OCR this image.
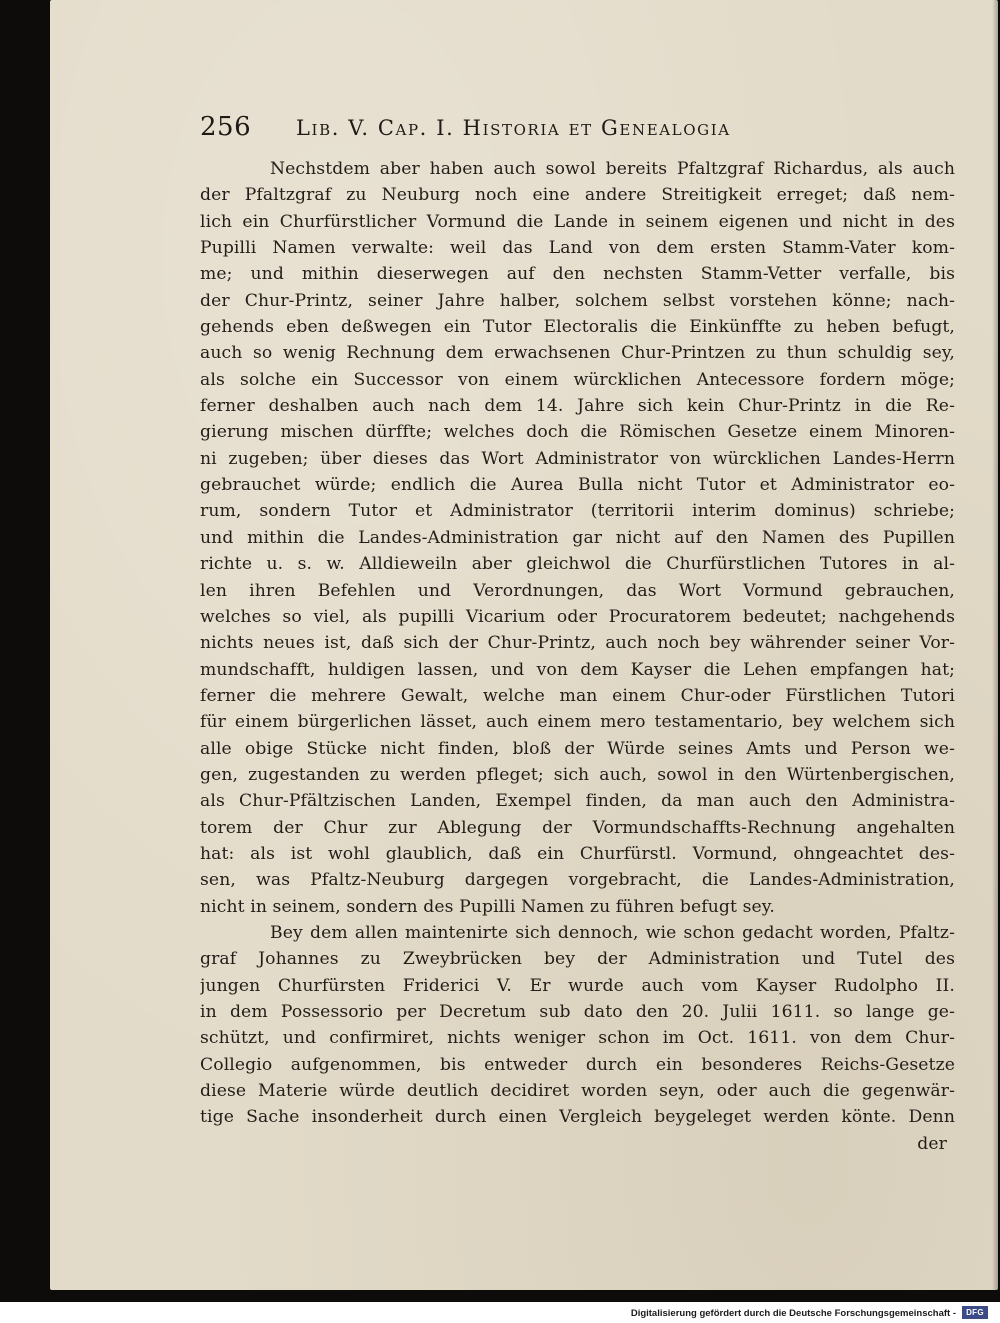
256 Lib. V. Cap. I. Historia et Genealogia
Nechstdem aber haben auch sowol bereits Pfaltzgraf Richardus, als auch
der Pfaltzgraf zu Neuburg noch eine andere Streitigkeit erreget; daß nem-
lich ein Churfürstlicher Vormund die Lande in seinem eigenen und nicht in des
Pupilli Namen verwalte: weil das Land von dem ersten Stamm-Vater kom-
me; und mithin dieserwegen auf den nechsten Stamm-Vetter verfalle, bis
der Chur-Printz, seiner Jahre halber, solchem selbst vorstehen könne; nach-
gehends eben deßwegen ein Tutor Electoralis die Einkünffte zu heben befugt,
auch so wenig Rechnung dem erwachsenen Chur-Printzen zu thun schuldig sey,
als solche ein Successor von einem würcklichen Antecessore fordern möge;
ferner deshalben auch nach dem 14. Jahre sich kein Chur-Printz in die Re-
gierung mischen dürffte; welches doch die Römischen Gesetze einem Minoren-
ni zugeben; über dieses das Wort Administrator von würcklichen Landes-Herrn
gebrauchet würde; endlich die Aurea Bulla nicht Tutor et Administrator eo-
rum, sondern Tutor et Administrator (territorii interim dominus) schriebe;
und mithin die Landes-Administration gar nicht auf den Namen des Pupillen
richte u. s. w. Alldieweiln aber gleichwol die Churfürstlichen Tutores in al-
len ihren Befehlen und Verordnungen, das Wort Vormund gebrauchen,
welches so viel, als pupilli Vicarium oder Procuratorem bedeutet; nachgehends
nichts neues ist, daß sich der Chur-Printz, auch noch bey währender seiner Vor-
mundschafft, huldigen lassen, und von dem Kayser die Lehen empfangen hat;
ferner die mehrere Gewalt, welche man einem Chur-oder Fürstlichen Tutori
für einem bürgerlichen lässet, auch einem mero testamentario, bey welchem sich
alle obige Stücke nicht finden, bloß der Würde seines Amts und Person we-
gen, zugestanden zu werden pfleget; sich auch, sowol in den Würtenbergischen,
als Chur-Pfältzischen Landen, Exempel finden, da man auch den Administra-
torem der Chur zur Ablegung der Vormundschaffts-Rechnung angehalten
hat: als ist wohl glaublich, daß ein Churfürstl. Vormund, ohngeachtet des-
sen, was Pfaltz-Neuburg dargegen vorgebracht, die Landes-Administration,
nicht in seinem, sondern des Pupilli Namen zu führen befugt sey.
Bey dem allen maintenirte sich dennoch, wie schon gedacht worden, Pfaltz-
graf Johannes zu Zweybrücken bey der Administration und Tutel des
jungen Churfürsten Friderici V. Er wurde auch vom Kayser Rudolpho II.
in dem Possessorio per Decretum sub dato den 20. Julii 1611. so lange ge-
schützt, und confirmiret, nichts weniger schon im Oct. 1611. von dem Chur-
Collegio aufgenommen, bis entweder durch ein besonderes Reichs-Gesetze
diese Materie würde deutlich decidiret worden seyn, oder auch die gegenwär-
tige Sache insonderheit durch einen Vergleich beygeleget werden könte. Denn
der
Digitalisierung gefördert durch die Deutsche Forschungsgemeinschaft -	DFG
